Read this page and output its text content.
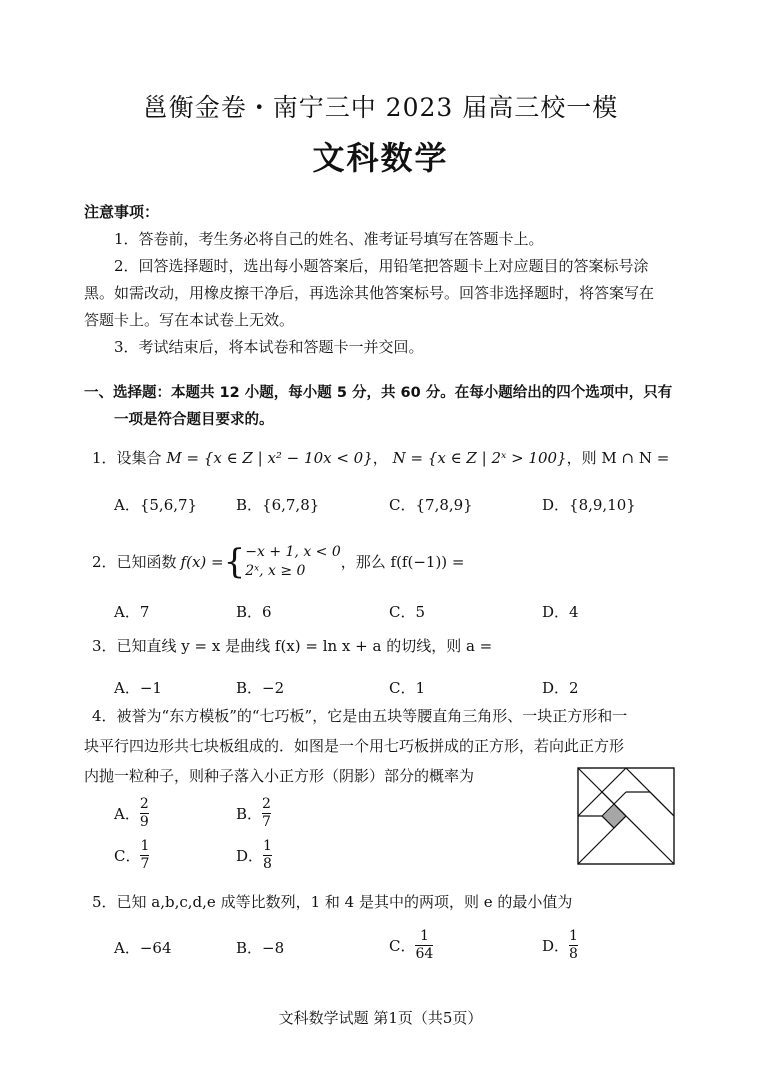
邕衡金卷・南宁三中 2023 届高三校一模
文科数学
注意事项：
1．答卷前，考生务必将自己的姓名、准考证号填写在答题卡上。
2．回答选择题时，选出每小题答案后，用铅笔把答题卡上对应题目的答案标号涂
黑。如需改动，用橡皮擦干净后，再选涂其他答案标号。回答非选择题时，将答案写在
答题卡上。写在本试卷上无效。
3．考试结束后，将本试卷和答题卡一并交回。
一、选择题：本题共 12 小题，每小题 5 分，共 60 分。在每小题给出的四个选项中，只有
一项是符合题目要求的。
1．设集合 M = {x ∈ Z | x² − 10x < 0}， N = {x ∈ Z | 2ˣ > 100}，则 M ∩ N =
A．{5,6,7}	B．{6,7,8}	C．{7,8,9}	D．{8,9,10}
2．已知函数 f(x) = { −x + 1, x < 0
2ˣ, x ≥ 0	，那么 f(f(−1)) =
A．7	B．6	C．5	D．4
3．已知直线 y = x 是曲线 f(x) = ln x + a 的切线，则 a =
A．−1	B．−2	C．1	D．2
4．被誉为“东方模板”的“七巧板”，它是由五块等腰直角三角形、一块正方形和一
块平行四边形共七块板组成的．如图是一个用七巧板拼成的正方形，若向此正方形
内抛一粒种子，则种子落入小正方形（阴影）部分的概率为
A． $\frac{2}{9}$	B． $\frac{2}{7}$
C． $\frac{1}{7}$	D． $\frac{1}{8}$
5．已知 a,b,c,d,e 成等比数列，1 和 4 是其中的两项，则 e 的最小值为
A．−64	B．−8	C． $\frac{1}{64}$	D． $\frac{1}{8}$
文科数学试题 第1页（共5页）
